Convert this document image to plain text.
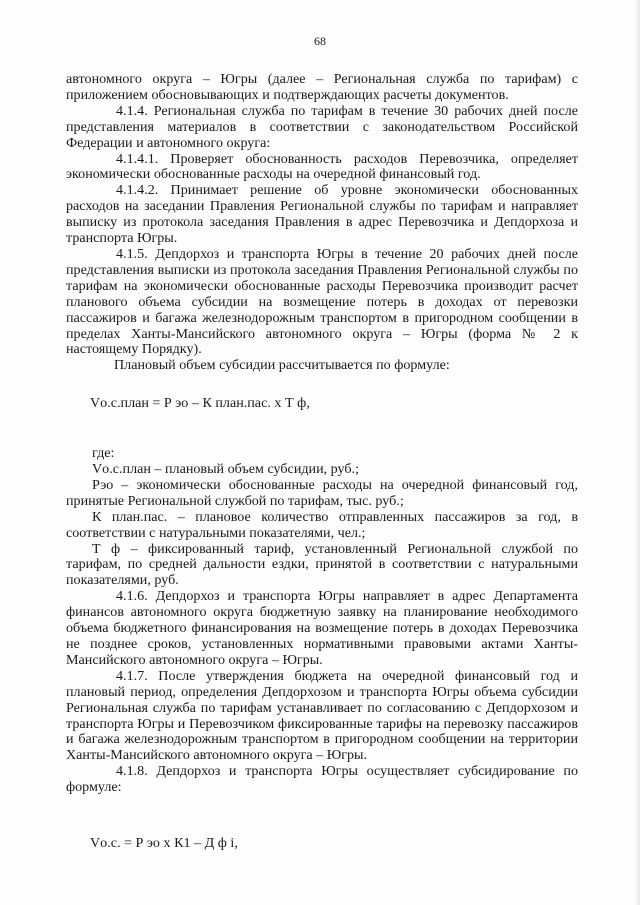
68

автономного округа – Югры (далее – Региональная служба по тарифам) с приложением обосновывающих и подтверждающих расчеты документов.

4.1.4. Региональная служба по тарифам в течение 30 рабочих дней после представления материалов в соответствии с законодательством Российской Федерации и автономного округа:

4.1.4.1. Проверяет обоснованность расходов Перевозчика, определяет экономически обоснованные расходы на очередной финансовый год.

4.1.4.2. Принимает решение об уровне экономически обоснованных расходов на заседании Правления Региональной службы по тарифам и направляет выписку из протокола заседания Правления в адрес Перевозчика и Депдорхоза и транспорта Югры.

4.1.5. Депдорхоз и транспорта Югры в течение 20 рабочих дней после представления выписки из протокола заседания Правления Региональной службы по тарифам на экономически обоснованные расходы Перевозчика производит расчет планового объема субсидии на возмещение потерь в доходах от перевозки пассажиров и багажа железнодорожным транспортом в пригородном сообщении в пределах Ханты-Мансийского автономного округа – Югры (форма № 2 к настоящему Порядку).

Плановый объем субсидии рассчитывается по формуле:

Vо.с.план = Р эо – К план.пас. х Т ф,

где:

Vо.с.план – плановый объем субсидии, руб.;

Рэо – экономически обоснованные расходы на очередной финансовый год, принятые Региональной службой по тарифам, тыс. руб.;

К план.пас. – плановое количество отправленных пассажиров за год, в соответствии с натуральными показателями, чел.;

Т ф – фиксированный тариф, установленный Региональной службой по тарифам, по средней дальности ездки, принятой в соответствии с натуральными показателями, руб.

4.1.6. Депдорхоз и транспорта Югры направляет в адрес Департамента финансов автономного округа бюджетную заявку на планирование необходимого объема бюджетного финансирования на возмещение потерь в доходах Перевозчика не позднее сроков, установленных нормативными правовыми актами Ханты-Мансийского автономного округа – Югры.

4.1.7. После утверждения бюджета на очередной финансовый год и плановый период, определения Депдорхозом и транспорта Югры объема субсидии Региональная служба по тарифам устанавливает по согласованию с Депдорхозом и транспорта Югры и Перевозчиком фиксированные тарифы на перевозку пассажиров и багажа железнодорожным транспортом в пригородном сообщении на территории Ханты-Мансийского автономного округа – Югры.

4.1.8. Депдорхоз и транспорта Югры осуществляет субсидирование по формуле:

Vо.с. = Р эо х К1 – Д ф i,
